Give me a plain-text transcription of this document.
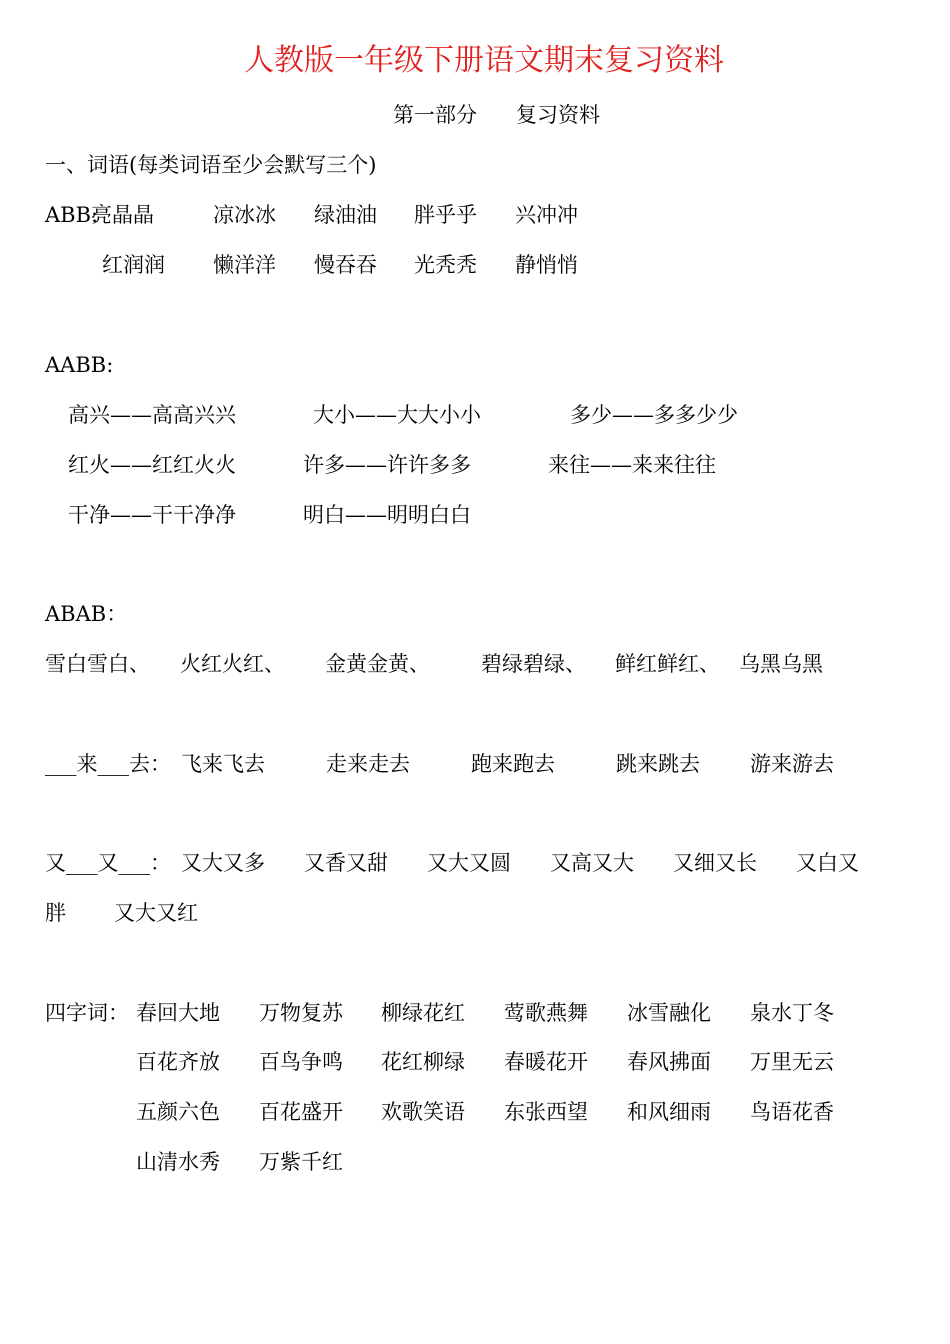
人教版一年级下册语文期末复习资料
第一部分 复习资料
一、词语(每类词语至少会默写三个)
ABB:
亮晶晶	凉冰冰 绿油油 胖乎乎 兴冲冲
红润润 懒洋洋 慢吞吞 光秃秃 静悄悄
AABB:
高兴——高高兴兴	大小——大大小小	多少——多多少少
红火——红红火火	许多——许许多多	来往——来来往往
干净——干干净净	明白——明明白白
ABAB：
雪白雪白、 火红火红、 金黄金黄、 碧绿碧绿、 鲜红鲜红、 乌黑乌黑
___来___去： 飞来飞去	走来走去	跑来跑去	跳来跳去 游来游去
又___又___： 又大又多 又香又甜 又大又圆 又高又大 又细又长 又白又
胖 又大又红
四字词： 春回大地 万物复苏 柳绿花红 莺歌燕舞 冰雪融化 泉水丁冬
百花齐放 百鸟争鸣 花红柳绿 春暖花开 春风拂面 万里无云
五颜六色 百花盛开 欢歌笑语 东张西望 和风细雨 鸟语花香
山清水秀 万紫千红
